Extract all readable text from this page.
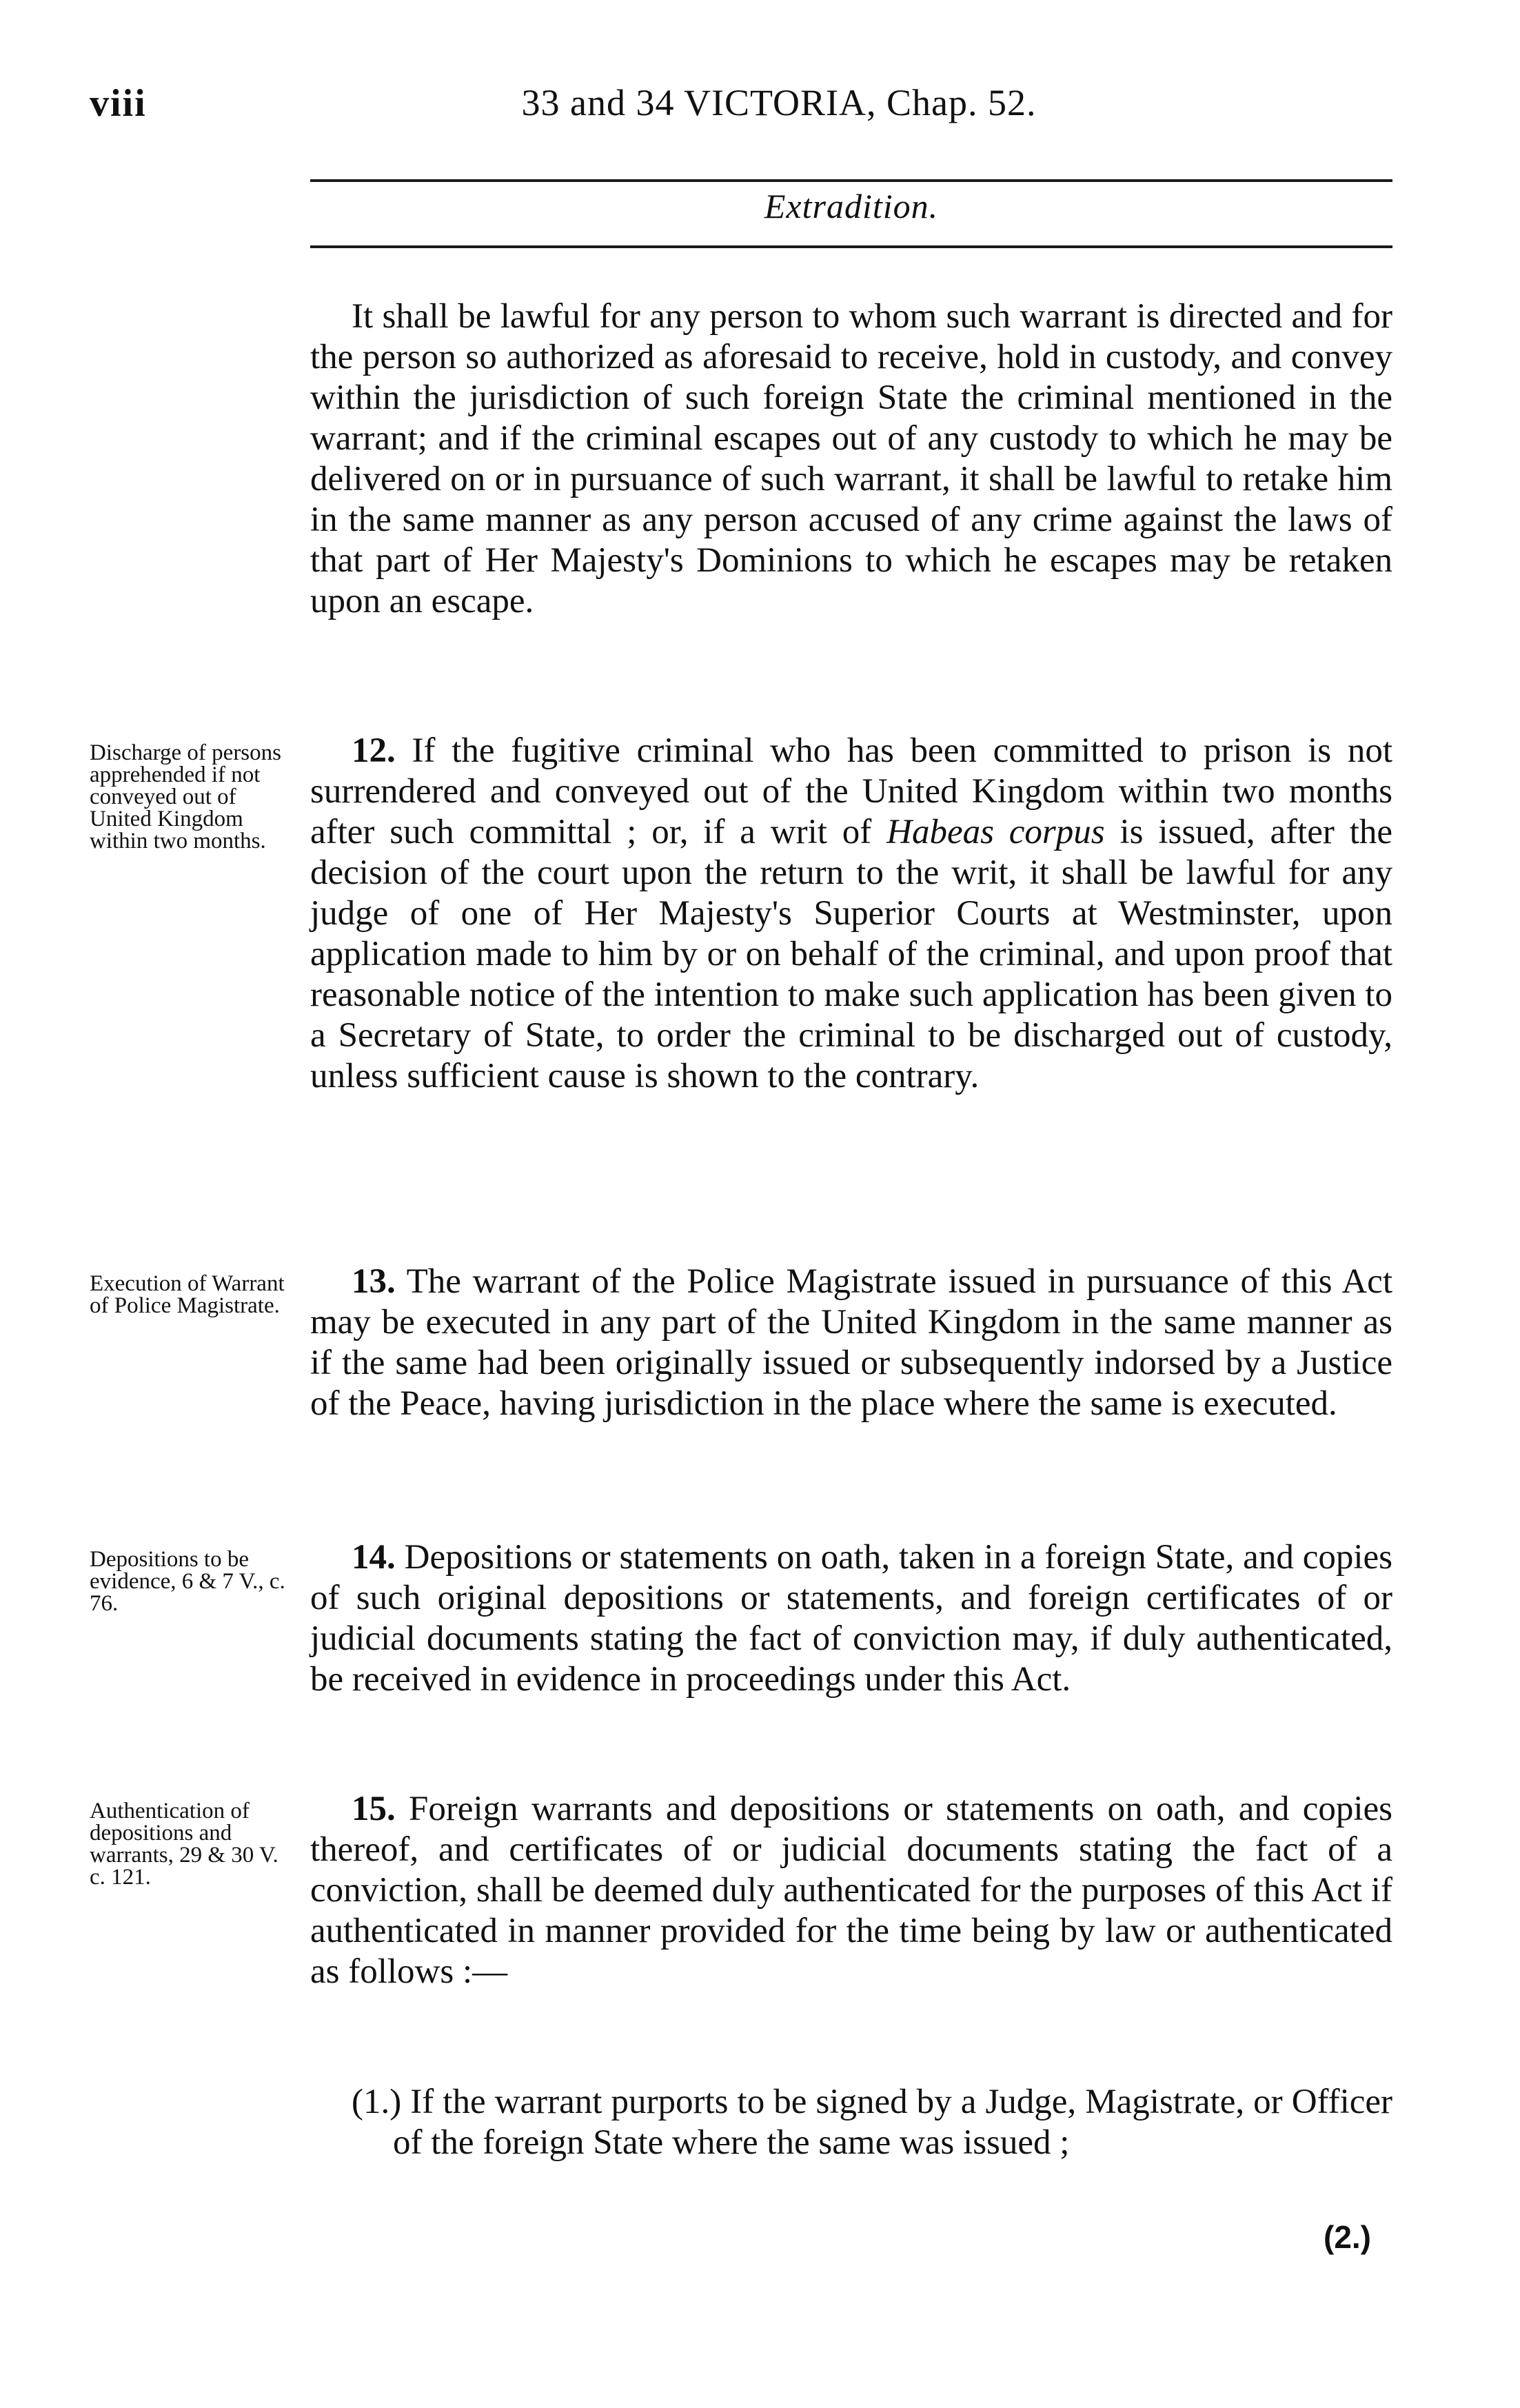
viii	33 and 34 VICTORIA, Chap. 52.
Extradition.

It shall be lawful for any person to whom such warrant is directed and for the person so authorized as aforesaid to receive, hold in custody, and convey within the jurisdiction of such foreign State the criminal mentioned in the warrant; and if the criminal escapes out of any custody to which he may be delivered on or in pursuance of such warrant, it shall be lawful to retake him in the same manner as any person accused of any crime against the laws of that part of Her Majesty's Dominions to which he escapes may be retaken upon an escape.

Discharge of persons apprehended if not conveyed out of United Kingdom within two months.

12. If the fugitive criminal who has been committed to prison is not surrendered and conveyed out of the United Kingdom within two months after such committal ; or, if a writ of Habeas corpus is issued, after the decision of the court upon the return to the writ, it shall be lawful for any judge of one of Her Majesty's Superior Courts at Westminster, upon application made to him by or on behalf of the criminal, and upon proof that reasonable notice of the intention to make such application has been given to a Secretary of State, to order the criminal to be discharged out of custody, unless sufficient cause is shown to the contrary.

Execution of Warrant of Police Magistrate.

13. The warrant of the Police Magistrate issued in pursuance of this Act may be executed in any part of the United Kingdom in the same manner as if the same had been originally issued or subsequently indorsed by a Justice of the Peace, having jurisdiction in the place where the same is executed.

Depositions to be evidence, 6 & 7 V., c. 76.

14. Depositions or statements on oath, taken in a foreign State, and copies of such original depositions or statements, and foreign certificates of or judicial documents stating the fact of conviction may, if duly authenticated, be received in evidence in proceedings under this Act.

Authentication of depositions and warrants, 29 & 30 V. c. 121.

15. Foreign warrants and depositions or statements on oath, and copies thereof, and certificates of or judicial documents stating the fact of a conviction, shall be deemed duly authenticated for the purposes of this Act if authenticated in manner provided for the time being by law or authenticated as follows :—

(1.) If the warrant purports to be signed by a Judge, Magistrate, or Officer of the foreign State where the same was issued ;

(2.)
